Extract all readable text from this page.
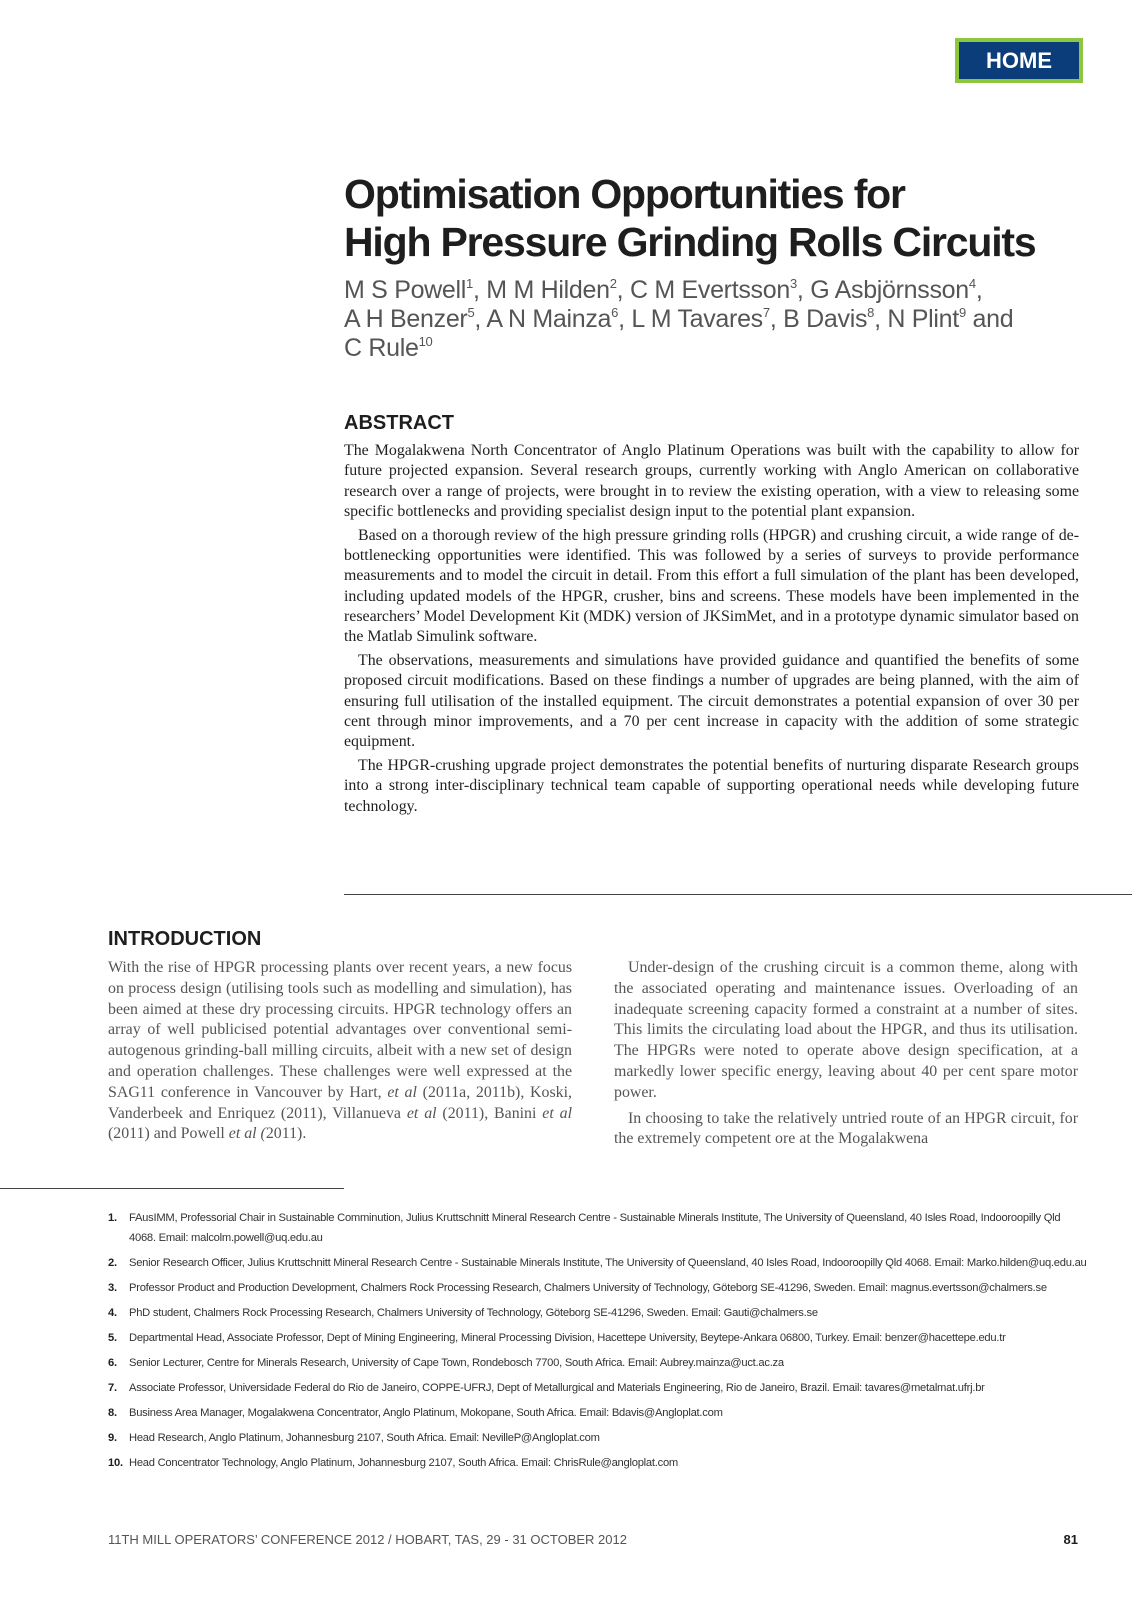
HOME
Optimisation Opportunities for
High Pressure Grinding Rolls Circuits

M S Powell$^1$, M M Hilden$^2$, C M Evertsson$^3$, G Asbjörnsson$^4$,
A H Benzer$^5$, A N Mainza$^6$, L M Tavares$^7$, B Davis$^8$, N Plint$^9$ and
C Rule$^{10}$

ABSTRACT

The Mogalakwena North Concentrator of Anglo Platinum Operations was built with the capability to allow for future projected expansion. Several research groups, currently working with Anglo American on collaborative research over a range of projects, were brought in to review the existing operation, with a view to releasing some specific bottlenecks and providing specialist design input to the potential plant expansion.

Based on a thorough review of the high pressure grinding rolls (HPGR) and crushing circuit, a wide range of de-bottlenecking opportunities were identified. This was followed by a series of surveys to provide performance measurements and to model the circuit in detail. From this effort a full simulation of the plant has been developed, including updated models of the HPGR, crusher, bins and screens. These models have been implemented in the researchers’ Model Development Kit (MDK) version of JKSimMet, and in a prototype dynamic simulator based on the Matlab Simulink software.

The observations, measurements and simulations have provided guidance and quantified the benefits of some proposed circuit modifications. Based on these findings a number of upgrades are being planned, with the aim of ensuring full utilisation of the installed equipment. The circuit demonstrates a potential expansion of over 30 per cent through minor improvements, and a 70 per cent increase in capacity with the addition of some strategic equipment.

The HPGR-crushing upgrade project demonstrates the potential benefits of nurturing disparate Research groups into a strong inter-disciplinary technical team capable of supporting operational needs while developing future technology.

INTRODUCTION

With the rise of HPGR processing plants over recent years, a new focus on process design (utilising tools such as modelling and simulation), has been aimed at these dry processing circuits. HPGR technology offers an array of well publicised potential advantages over conventional semi-autogenous grinding-ball milling circuits, albeit with a new set of design and operation challenges. These challenges were well expressed at the SAG11 conference in Vancouver by Hart, et al (2011a, 2011b), Koski, Vanderbeek and Enriquez (2011), Villanueva et al (2011), Banini et al (2011) and Powell et al (2011).

Under-design of the crushing circuit is a common theme, along with the associated operating and maintenance issues. Overloading of an inadequate screening capacity formed a constraint at a number of sites. This limits the circulating load about the HPGR, and thus its utilisation. The HPGRs were noted to operate above design specification, at a markedly lower specific energy, leaving about 40 per cent spare motor power.

In choosing to take the relatively untried route of an HPGR circuit, for the extremely competent ore at the Mogalakwena

1. FAusIMM, Professorial Chair in Sustainable Comminution, Julius Kruttschnitt Mineral Research Centre - Sustainable Minerals Institute, The University of Queensland, 40 Isles Road, Indooroopilly Qld 4068. Email: malcolm.powell@uq.edu.au
2. Senior Research Officer, Julius Kruttschnitt Mineral Research Centre - Sustainable Minerals Institute, The University of Queensland, 40 Isles Road, Indooroopilly Qld 4068. Email: Marko.hilden@uq.edu.au
3. Professor Product and Production Development, Chalmers Rock Processing Research, Chalmers University of Technology, Göteborg SE-41296, Sweden. Email: magnus.evertsson@chalmers.se
4. PhD student, Chalmers Rock Processing Research, Chalmers University of Technology, Göteborg SE-41296, Sweden. Email: Gauti@chalmers.se
5. Departmental Head, Associate Professor, Dept of Mining Engineering, Mineral Processing Division, Hacettepe University, Beytepe-Ankara 06800, Turkey. Email: benzer@hacettepe.edu.tr
6. Senior Lecturer, Centre for Minerals Research, University of Cape Town, Rondebosch 7700, South Africa. Email: Aubrey.mainza@uct.ac.za
7. Associate Professor, Universidade Federal do Rio de Janeiro, COPPE-UFRJ, Dept of Metallurgical and Materials Engineering, Rio de Janeiro, Brazil. Email: tavares@metalmat.ufrj.br
8. Business Area Manager, Mogalakwena Concentrator, Anglo Platinum, Mokopane, South Africa. Email: Bdavis@Angloplat.com
9. Head Research, Anglo Platinum, Johannesburg 2107, South Africa. Email: NevilleP@Angloplat.com
10. Head Concentrator Technology, Anglo Platinum, Johannesburg 2107, South Africa. Email: ChrisRule@angloplat.com
11TH MILL OPERATORS’ CONFERENCE 2012 / HOBART, TAS, 29 - 31 OCTOBER 2012	81
